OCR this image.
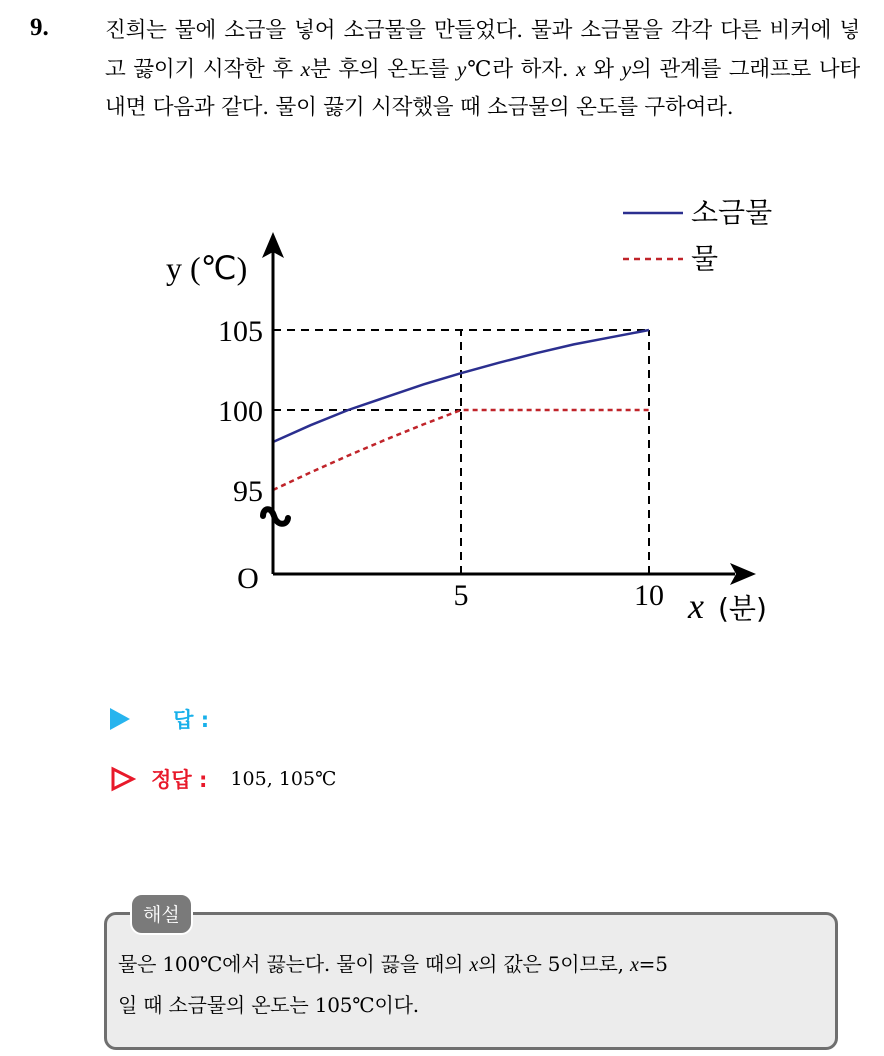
9.	진희는 물에 소금을 넣어 소금물을 만들었다. 물과 소금물을 각각 다른 비커에 넣고 끓이기 시작한 후 x분 후의 온도를 y℃라 하자. x 와 y의 관계를 그래프로 나타내면 다음과 같다. 물이 끓기 시작했을 때 소금물의 온도를 구하여라.
O
95
100
105
5	10
y (℃)
x (분)
소금물
물
답 :
정답 : 105, 105℃
해설
물은 100℃에서 끓는다. 물이 끓을 때의 x의 값은 5이므로, x=5
일 때 소금물의 온도는 105℃이다.
